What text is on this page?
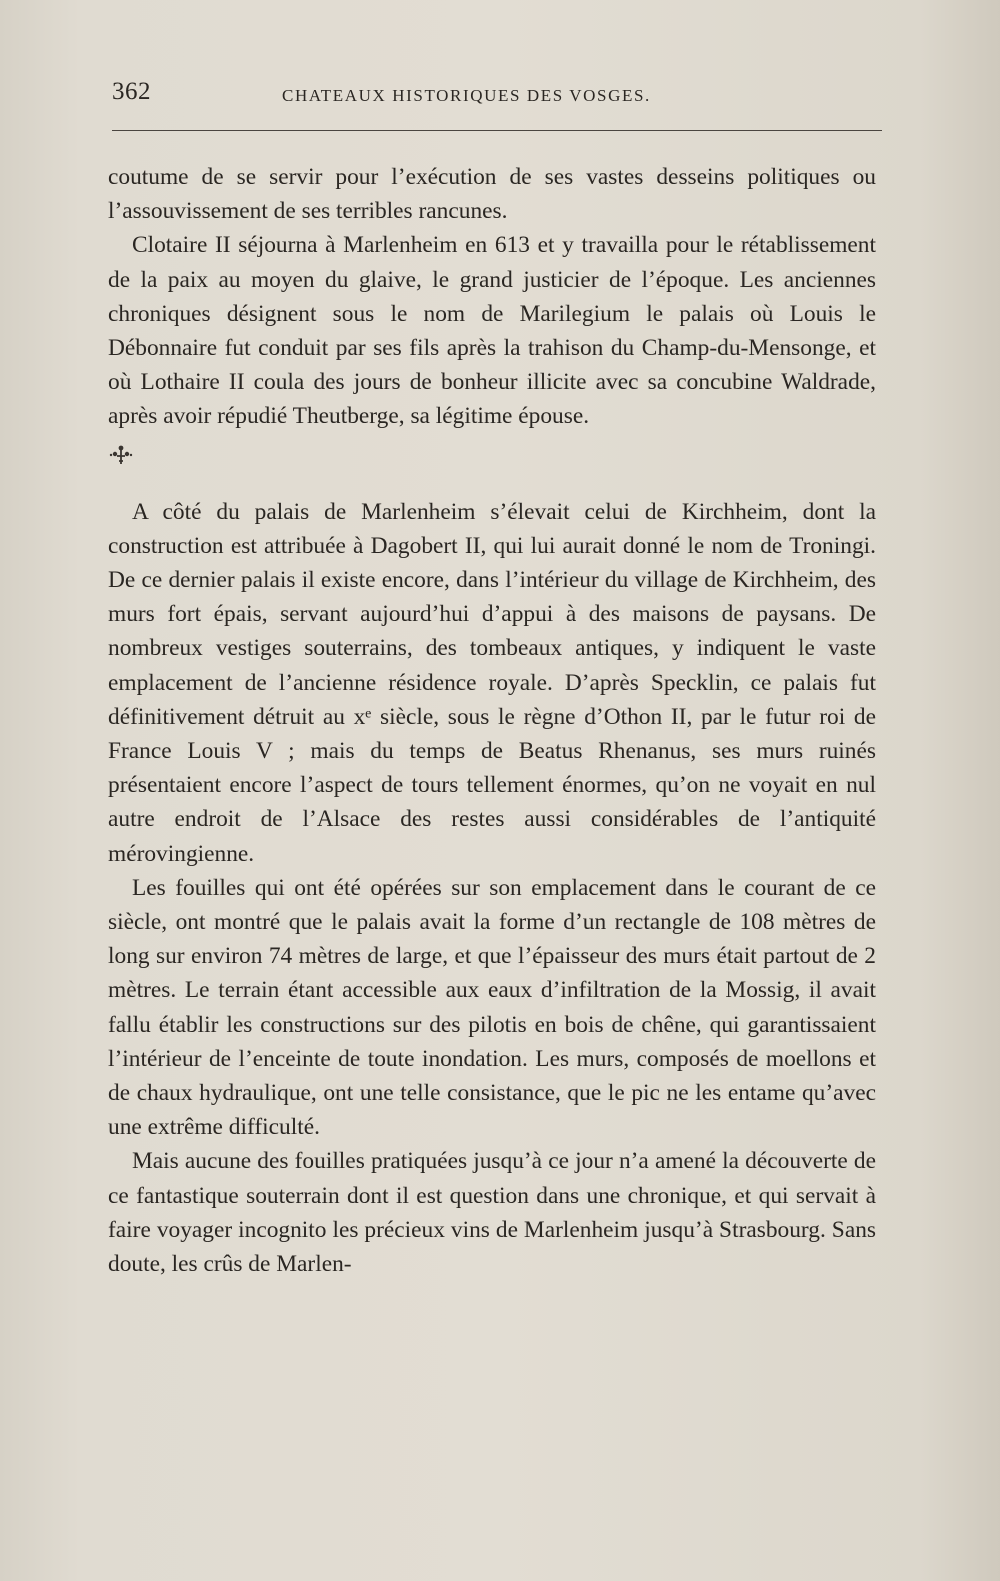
362	CHATEAUX HISTORIQUES DES VOSGES.

coutume de se servir pour l’exécution de ses vastes desseins politiques ou l’assouvissement de ses terribles rancunes.

Clotaire II séjourna à Marlenheim en 613 et y travailla pour le rétablissement de la paix au moyen du glaive, le grand justicier de l’époque. Les anciennes chroniques désignent sous le nom de Marilegium le palais où Louis le Débonnaire fut conduit par ses fils après la trahison du Champ-du-Mensonge, et où Lothaire II coula des jours de bonheur illicite avec sa concubine Waldrade, après avoir répudié Theutberge, sa légitime épouse.

A côté du palais de Marlenheim s’élevait celui de Kirchheim, dont la construction est attribuée à Dagobert II, qui lui aurait donné le nom de Troningi. De ce dernier palais il existe encore, dans l’intérieur du village de Kirchheim, des murs fort épais, servant aujourd’hui d’appui à des maisons de paysans. De nombreux vestiges souterrains, des tombeaux antiques, y indiquent le vaste emplacement de l’ancienne résidence royale. D’après Specklin, ce palais fut définitivement détruit au xᵉ siècle, sous le règne d’Othon II, par le futur roi de France Louis V ; mais du temps de Beatus Rhenanus, ses murs ruinés présentaient encore l’aspect de tours tellement énormes, qu’on ne voyait en nul autre endroit de l’Alsace des restes aussi considérables de l’antiquité mérovingienne.

Les fouilles qui ont été opérées sur son emplacement dans le courant de ce siècle, ont montré que le palais avait la forme d’un rectangle de 108 mètres de long sur environ 74 mètres de large, et que l’épaisseur des murs était partout de 2 mètres. Le terrain étant accessible aux eaux d’infiltration de la Mossig, il avait fallu établir les constructions sur des pilotis en bois de chêne, qui garantissaient l’intérieur de l’enceinte de toute inondation. Les murs, composés de moellons et de chaux hydraulique, ont une telle consistance, que le pic ne les entame qu’avec une extrême difficulté.

Mais aucune des fouilles pratiquées jusqu’à ce jour n’a amené la découverte de ce fantastique souterrain dont il est question dans une chronique, et qui servait à faire voyager incognito les précieux vins de Marlenheim jusqu’à Strasbourg. Sans doute, les crûs de Marlen-
